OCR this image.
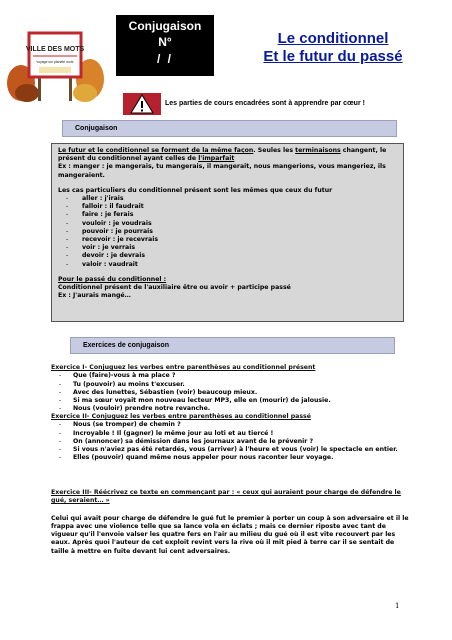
VILLE DES MOTS
voyage sur planète mots
Conjugaison
N°
/ /
Le conditionnel
Et le futur du passé
Les parties de cours encadrées sont à apprendre par cœur !
Conjugaison

Le futur et le conditionnel se forment de la même façon. Seules les terminaisons changent, le présent du conditionnel ayant celles de l'imparfait

Ex : manger : je mangerais, tu mangerais, il mangerait, nous mangerions, vous mangeriez, ils mangeraient.

Les cas particuliers du conditionnel présent sont les mêmes que ceux du futur

- aller : j'irais
- falloir : il faudrait
- faire : je ferais
- vouloir : je voudrais
- pouvoir : je pourrais
- recevoir : je recevrais
- voir : je verrais
- devoir : je devrais
- valoir : vaudrait

Pour le passé du conditionnel :

Conditionnel présent de l'auxiliaire être ou avoir + participe passé

Ex : J'aurais mangé…

Exercices de conjugaison
Exercice I- Conjuguez les verbes entre parenthèses au conditionnel présent
- Que (faire)-vous à ma place ?
- Tu (pouvoir) au moins t'excuser.
- Avec des lunettes, Sébastien (voir) beaucoup mieux.
- Si ma sœur voyait mon nouveau lecteur MP3, elle en (mourir) de jalousie.
- Nous (vouloir) prendre notre revanche.
Exercice II- Conjuguez les verbes entre parenthèses au conditionnel passé
- Nous (se tromper) de chemin ?
- Incroyable ! Il (gagner) le même jour au loti et au tiercé !
- On (annoncer) sa démission dans les journaux avant de le prévenir ?
- Si vous n'aviez pas été retardés, vous (arriver) à l'heure et vous (voir) le spectacle en entier.
- Elles (pouvoir) quand même nous appeler pour nous raconter leur voyage.

Exercice III- Réécrivez ce texte en commençant par : « ceux qui auraient pour charge de défendre le gué, seraient… »

Celui qui avait pour charge de défendre le gué fut le premier à porter un coup à son adversaire et il le frappa avec une violence telle que sa lance vola en éclats ; mais ce dernier riposte avec tant de vigueur qu'il l'envoie valser les quatre fers en l'air au milieu du gué où il est vite recouvert par les eaux. Après quoi l'auteur de cet exploit revint vers la rive où il mit pied à terre car il se sentait de taille à mettre en fuite devant lui cent adversaires.

1
